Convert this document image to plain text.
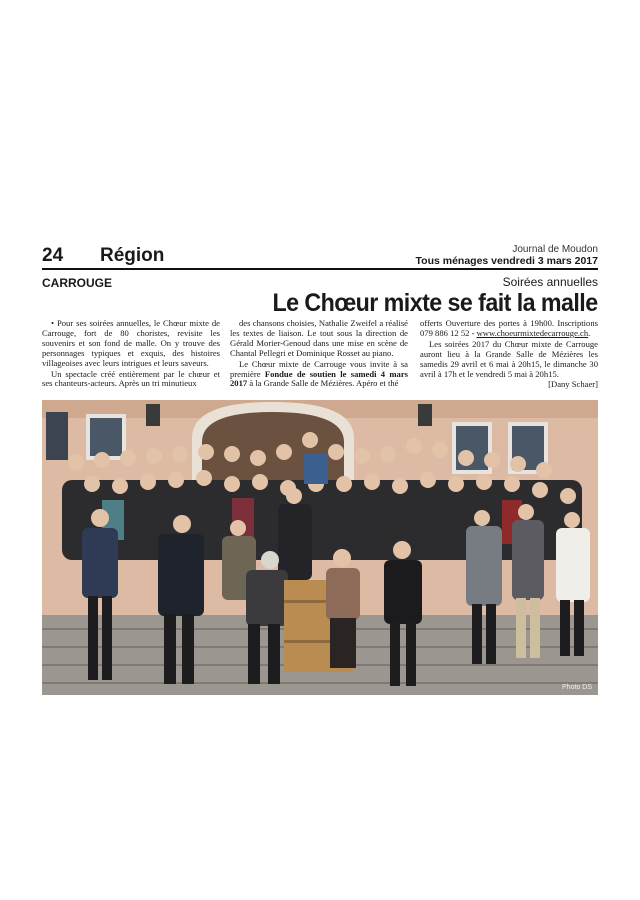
24 Région	Journal de Moudon
Tous ménages vendredi 3 mars 2017
CARROUGE	Soirées annuelles
Le Chœur mixte se fait la malle

• Pour ses soirées annuelles, le Chœur mixte de Carrouge, fort de 80 choristes, revisite les souvenirs et son fond de malle. On y trouve des personnages typiques et exquis, des histoires villageoises avec leurs intrigues et leurs saveurs.

Un spectacle créé entièrement par le chœur et ses chanteurs-acteurs. Après un tri minutieux

des chansons choisies, Nathalie Zweifel a réalisé les textes de liaison. Le tout sous la direction de Gérald Morier-Genoud dans une mise en scène de Chantal Pellegri et Dominique Rosset au piano.

Le Chœur mixte de Carrouge vous invite à sa première Fondue de soutien le samedi 4 mars 2017 à la Grande Salle de Mézières. Apéro et thé

offerts Ouverture des portes à 19h00. Inscriptions 079 886 12 52 - www.choeurmixtedecarrouge.ch.

Les soirées 2017 du Chœur mixte de Carrouge auront lieu à la Grande Salle de Mézières les samedis 29 avril et 6 mai à 20h15, le dimanche 30 avril à 17h et le vendredi 5 mai à 20h15.

[Dany Schaer]

Photo DS
